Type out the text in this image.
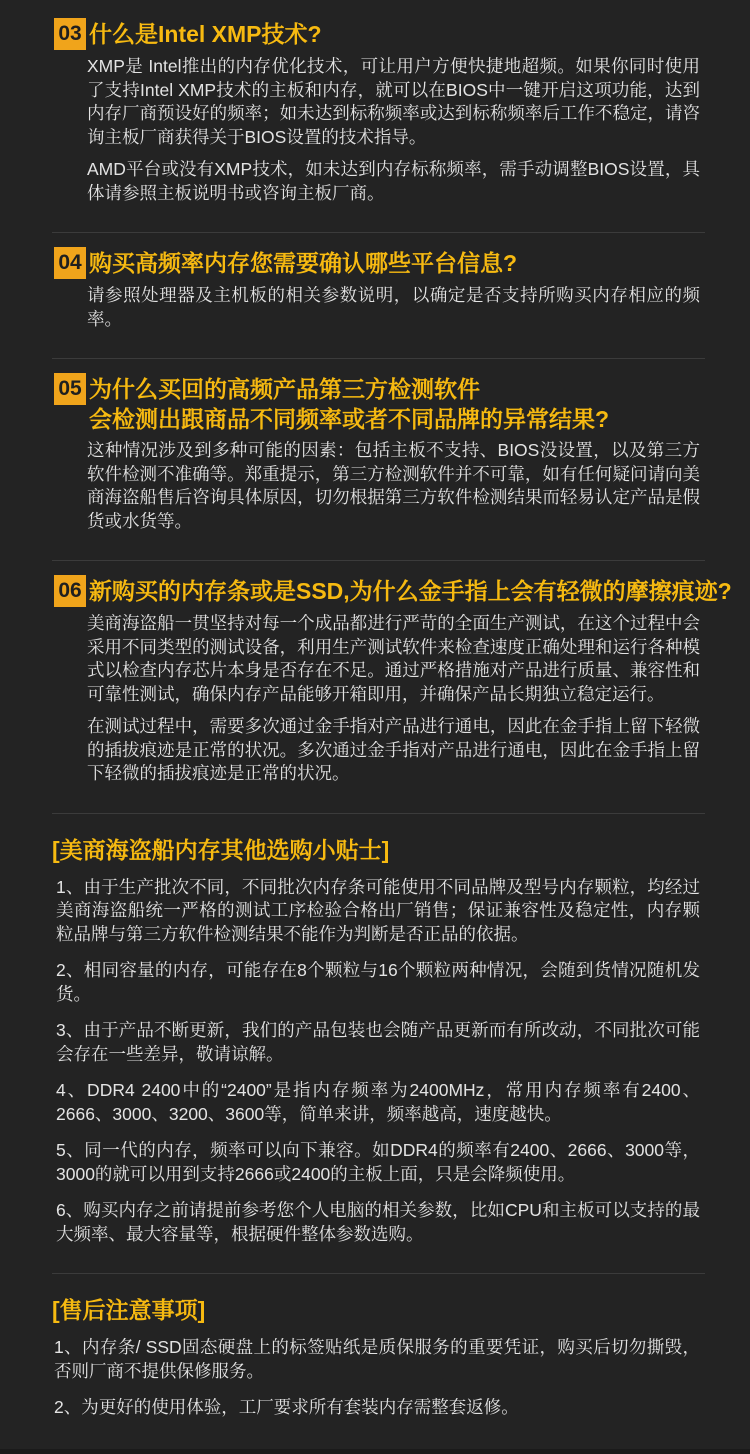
03 什么是Intel XMP技术?

XMP是 Intel推出的内存优化技术，可让用户方便快捷地超频。如果你同时使用了支持Intel XMP技术的主板和内存，就可以在BIOS中一键开启这项功能，达到内存厂商预设好的频率；如未达到标称频率或达到标称频率后工作不稳定，请咨询主板厂商获得关于BIOS设置的技术指导。

AMD平台或没有XMP技术，如未达到内存标称频率，需手动调整BIOS设置，具体请参照主板说明书或咨询主板厂商。

04 购买高频率内存您需要确认哪些平台信息?

请参照处理器及主机板的相关参数说明，以确定是否支持所购买内存相应的频率。

05 为什么买回的高频产品第三方检测软件
会检测出跟商品不同频率或者不同品牌的异常结果?

这种情况涉及到多种可能的因素：包括主板不支持、BIOS没设置，以及第三方软件检测不准确等。郑重提示，第三方检测软件并不可靠，如有任何疑问请向美商海盗船售后咨询具体原因，切勿根据第三方软件检测结果而轻易认定产品是假货或水货等。

06 新购买的内存条或是SSD,为什么金手指上会有轻微的摩擦痕迹?

美商海盗船一贯坚持对每一个成品都进行严苛的全面生产测试，在这个过程中会采用不同类型的测试设备，利用生产测试软件来检查速度正确处理和运行各种模式以检查内存芯片本身是否存在不足。通过严格措施对产品进行质量、兼容性和可靠性测试，确保内存产品能够开箱即用，并确保产品长期独立稳定运行。

在测试过程中，需要多次通过金手指对产品进行通电，因此在金手指上留下轻微的插拔痕迹是正常的状况。多次通过金手指对产品进行通电，因此在金手指上留下轻微的插拔痕迹是正常的状况。

[美商海盗船内存其他选购小贴士]

1、由于生产批次不同，不同批次内存条可能使用不同品牌及型号内存颗粒，均经过美商海盗船统一严格的测试工序检验合格出厂销售；保证兼容性及稳定性，内存颗粒品牌与第三方软件检测结果不能作为判断是否正品的依据。

2、相同容量的内存，可能存在8个颗粒与16个颗粒两种情况，会随到货情况随机发货。

3、由于产品不断更新，我们的产品包装也会随产品更新而有所改动，不同批次可能会存在一些差异，敬请谅解。

4、DDR4 2400中的“2400”是指内存频率为2400MHz，常用内存频率有2400、2666、3000、3200、3600等，简单来讲，频率越高，速度越快。

5、同一代的内存，频率可以向下兼容。如DDR4的频率有2400、2666、3000等，3000的就可以用到支持2666或2400的主板上面，只是会降频使用。

6、购买内存之前请提前参考您个人电脑的相关参数，比如CPU和主板可以支持的最大频率、最大容量等，根据硬件整体参数选购。

[售后注意事项]

1、内存条/ SSD固态硬盘上的标签贴纸是质保服务的重要凭证，购买后切勿撕毁，否则厂商不提供保修服务。

2、为更好的使用体验，工厂要求所有套装内存需整套返修。
